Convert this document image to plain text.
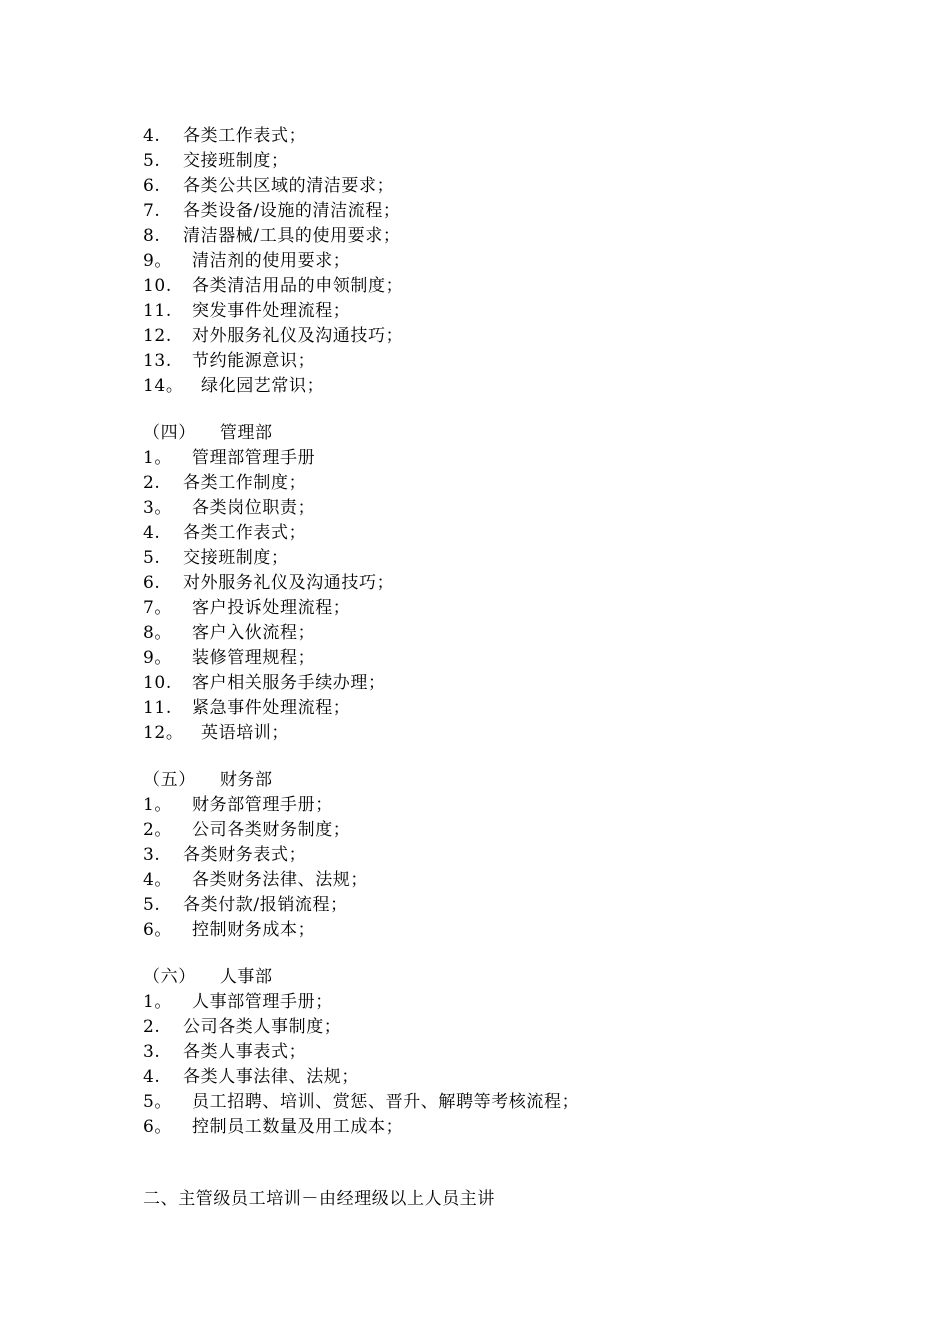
4. 各类工作表式；
5. 交接班制度；
6. 各类公共区域的清洁要求；
7. 各类设备/设施的清洁流程；
8. 清洁器械/工具的使用要求；
9。 清洁剂的使用要求；
10. 各类清洁用品的申领制度；
11. 突发事件处理流程；
12. 对外服务礼仪及沟通技巧；
13. 节约能源意识；
14。 绿化园艺常识；
（四）    管理部
1。 管理部管理手册
2. 各类工作制度；
3。 各类岗位职责；
4. 各类工作表式；
5. 交接班制度；
6. 对外服务礼仪及沟通技巧；
7。 客户投诉处理流程；
8。 客户入伙流程；
9。 装修管理规程；
10. 客户相关服务手续办理；
11. 紧急事件处理流程；
12。 英语培训；
（五）    财务部
1。 财务部管理手册；
2。 公司各类财务制度；
3. 各类财务表式；
4。 各类财务法律、法规；
5. 各类付款/报销流程；
6。 控制财务成本；
（六）    人事部
1。 人事部管理手册；
2. 公司各类人事制度；
3. 各类人事表式；
4. 各类人事法律、法规；
5。 员工招聘、培训、赏惩、晋升、解聘等考核流程；
6。 控制员工数量及用工成本；
二、主管级员工培训－由经理级以上人员主讲
